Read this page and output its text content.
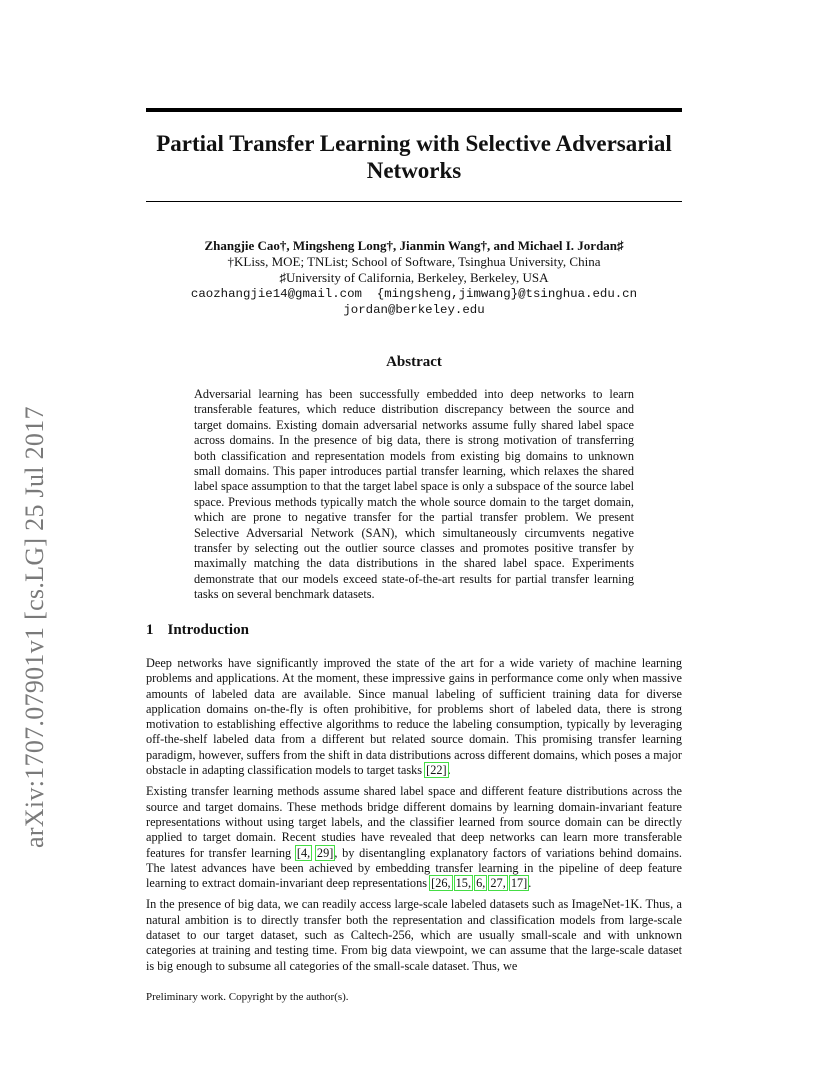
arXiv:1707.07901v1 [cs.LG] 25 Jul 2017
Partial Transfer Learning with Selective Adversarial Networks
Zhangjie Cao†, Mingsheng Long†, Jianmin Wang†, and Michael I. Jordan♯
†KLiss, MOE; TNList; School of Software, Tsinghua University, China
♯University of California, Berkeley, Berkeley, USA
caozhangjie14@gmail.com  {mingsheng,jimwang}@tsinghua.edu.cn
jordan@berkeley.edu
Abstract

Adversarial learning has been successfully embedded into deep networks to learn transferable features, which reduce distribution discrepancy between the source and target domains. Existing domain adversarial networks assume fully shared label space across domains. In the presence of big data, there is strong motivation of transferring both classification and representation models from existing big domains to unknown small domains. This paper introduces partial transfer learning, which relaxes the shared label space assumption to that the target label space is only a subspace of the source label space. Previous methods typically match the whole source domain to the target domain, which are prone to negative transfer for the partial transfer problem. We present Selective Adversarial Network (SAN), which simultaneously circumvents negative transfer by selecting out the outlier source classes and promotes positive transfer by maximally matching the data distributions in the shared label space. Experiments demonstrate that our models exceed state-of-the-art results for partial transfer learning tasks on several benchmark datasets.

1 Introduction

Deep networks have significantly improved the state of the art for a wide variety of machine learning problems and applications. At the moment, these impressive gains in performance come only when massive amounts of labeled data are available. Since manual labeling of sufficient training data for diverse application domains on-the-fly is often prohibitive, for problems short of labeled data, there is strong motivation to establishing effective algorithms to reduce the labeling consumption, typically by leveraging off-the-shelf labeled data from a different but related source domain. This promising transfer learning paradigm, however, suffers from the shift in data distributions across different domains, which poses a major obstacle in adapting classification models to target tasks [22].

Existing transfer learning methods assume shared label space and different feature distributions across the source and target domains. These methods bridge different domains by learning domain-invariant feature representations without using target labels, and the classifier learned from source domain can be directly applied to target domain. Recent studies have revealed that deep networks can learn more transferable features for transfer learning [4, 29], by disentangling explanatory factors of variations behind domains. The latest advances have been achieved by embedding transfer learning in the pipeline of deep feature learning to extract domain-invariant deep representations [26, 15, 6, 27, 17].

In the presence of big data, we can readily access large-scale labeled datasets such as ImageNet-1K. Thus, a natural ambition is to directly transfer both the representation and classification models from large-scale dataset to our target dataset, such as Caltech-256, which are usually small-scale and with unknown categories at training and testing time. From big data viewpoint, we can assume that the large-scale dataset is big enough to subsume all categories of the small-scale dataset. Thus, we

Preliminary work. Copyright by the author(s).
